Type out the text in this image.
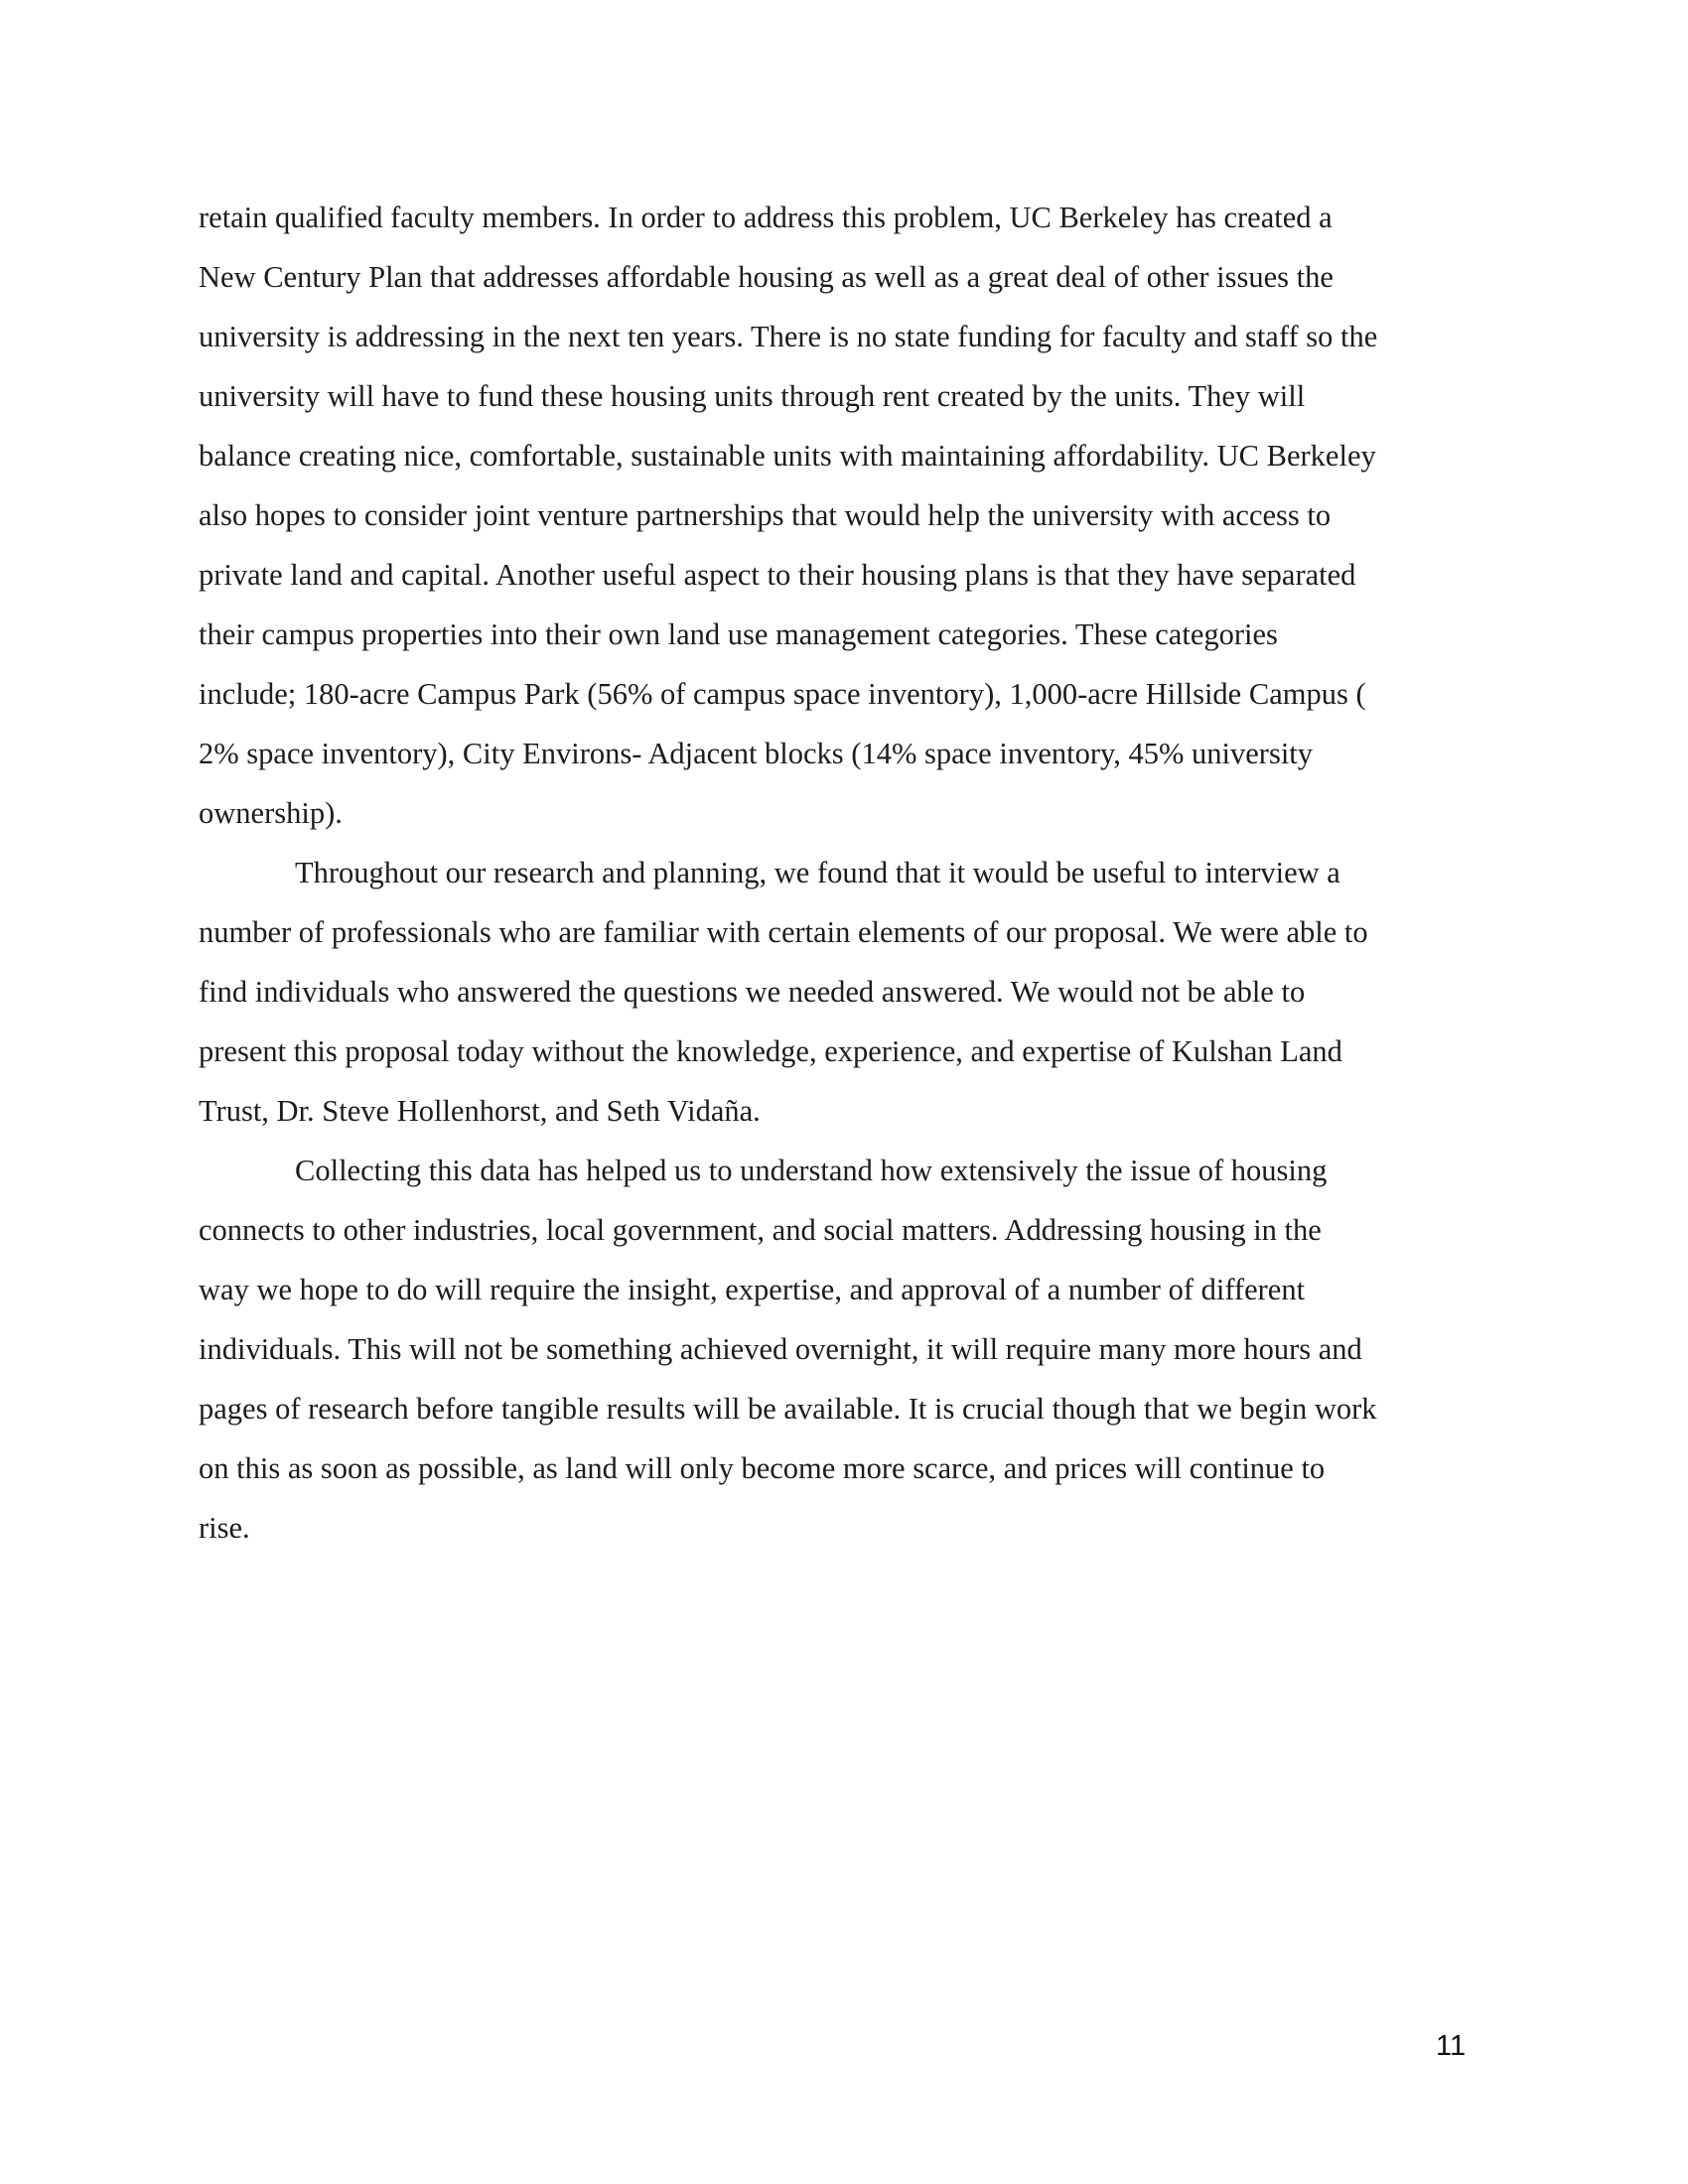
retain qualified faculty members. In order to address this problem, UC Berkeley has created a

New Century Plan that addresses affordable housing as well as a great deal of other issues the

university is addressing in the next ten years. There is no state funding for faculty and staff so the

university will have to fund these housing units through rent created by the units. They will

balance creating nice, comfortable, sustainable units with maintaining affordability. UC Berkeley

also hopes to consider joint venture partnerships that would help the university with access to

private land and capital. Another useful aspect to their housing plans is that they have separated

their campus properties into their own land use management categories. These categories

include; 180-acre Campus Park (56% of campus space inventory), 1,000-acre Hillside Campus (

2% space inventory), City Environs- Adjacent blocks (14% space inventory, 45% university

ownership).

Throughout our research and planning, we found that it would be useful to interview a

number of professionals who are familiar with certain elements of our proposal. We were able to

find individuals who answered the questions we needed answered. We would not be able to

present this proposal today without the knowledge, experience, and expertise of Kulshan Land

Trust, Dr. Steve Hollenhorst, and Seth Vidaña.

Collecting this data has helped us to understand how extensively the issue of housing

connects to other industries, local government, and social matters. Addressing housing in the

way we hope to do will require the insight, expertise, and approval of a number of different

individuals. This will not be something achieved overnight, it will require many more hours and

pages of research before tangible results will be available. It is crucial though that we begin work

on this as soon as possible, as land will only become more scarce, and prices will continue to

rise.

11
